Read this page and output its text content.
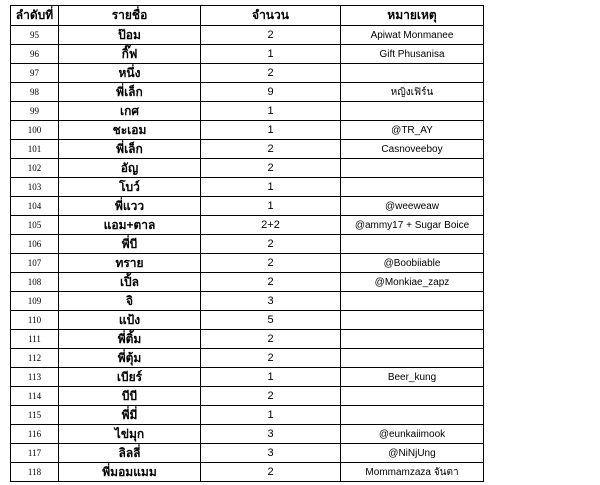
ลำดับที่	รายชื่อ	จำนวน	หมายเหตุ
95	ป๊อม	2	Apiwat Monmanee
96	กิ๊ฟ	1	Gift Phusanisa
97	หนึ่ง	2	
98	พี่เล็ก	9	หญิงเฟิร์น
99	เกศ	1	
100	ชะเอม	1	@TR_AY
101	พี่เล็ก	2	Casnoveeboy
102	อัญ	2	
103	โบว์	1	
104	พี่แวว	1	@weeweaw
105	แอม+ตาล	2+2	@ammy17 + Sugar Boice
106	พี่บี	2	
107	ทราย	2	@Boobiiable
108	เปิ้ล	2	@Monkiae_zapz
109	จิ	3	
110	แป้ง	5	
111	พี่ติ้ม	2	
112	พี่ตุ้ม	2	
113	เบียร์	1	Beer_kung
114	บีบี	2	
115	พี่มี่	1	
116	ไข่มุก	3	@eunkaiimook
117	ลิลลี่	3	@NiNjUng
118	พี่มอมแมม	2	Mommamzaza จันตา
